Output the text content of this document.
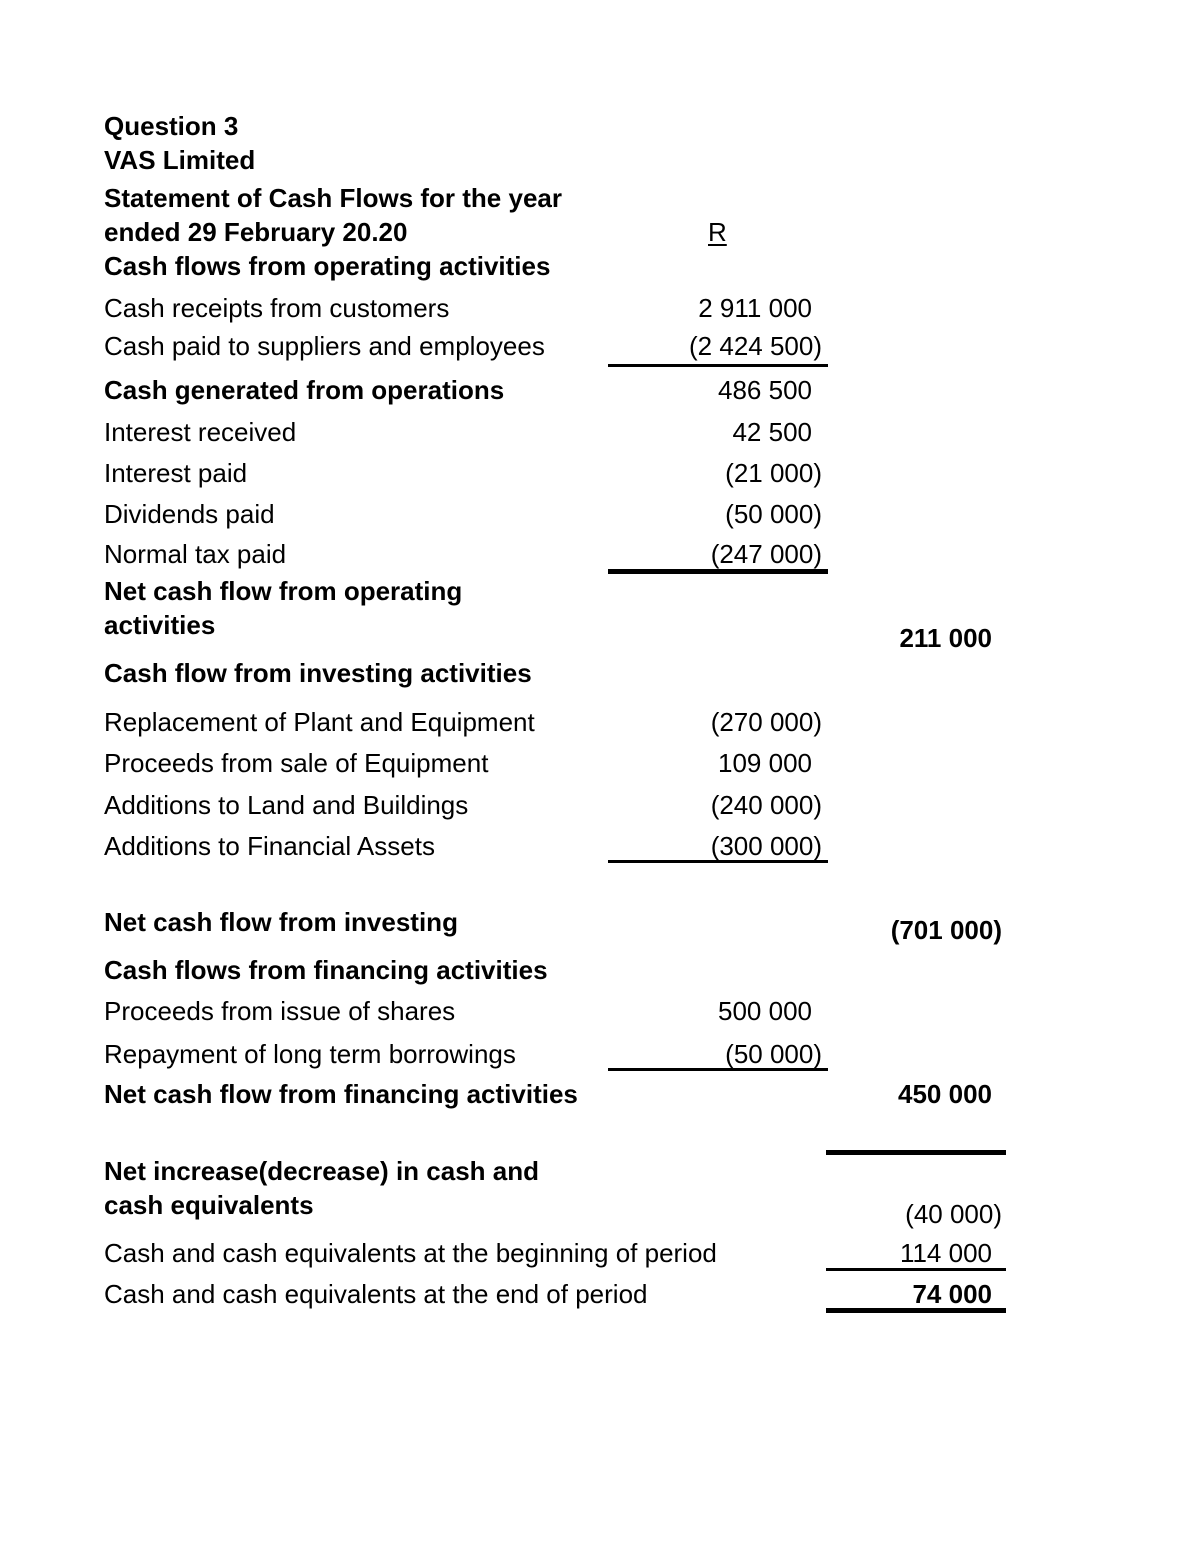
Question 3
VAS Limited
Statement of Cash Flows for the year
ended 29 February 20.20	R
Cash flows from operating activities
Cash receipts from customers	2 911 000
Cash paid to suppliers and employees	(2 424 500)
Cash generated from operations	486 500
Interest received	42 500
Interest paid	(21 000)
Dividends paid	(50 000)
Normal tax paid	(247 000)
Net cash flow from operating
activities	211 000
Cash flow from investing activities
Replacement of Plant and Equipment	(270 000)
Proceeds from sale of Equipment	109 000
Additions to Land and Buildings	(240 000)
Additions to Financial Assets	(300 000)
Net cash flow from investing	(701 000)
Cash flows from financing activities
Proceeds from issue of shares	500 000
Repayment of long term borrowings	(50 000)
Net cash flow from financing activities	450 000
Net increase(decrease) in cash and
cash equivalents	(40 000)
Cash and cash equivalents at the beginning of period	114 000
Cash and cash equivalents at the end of period	74 000
